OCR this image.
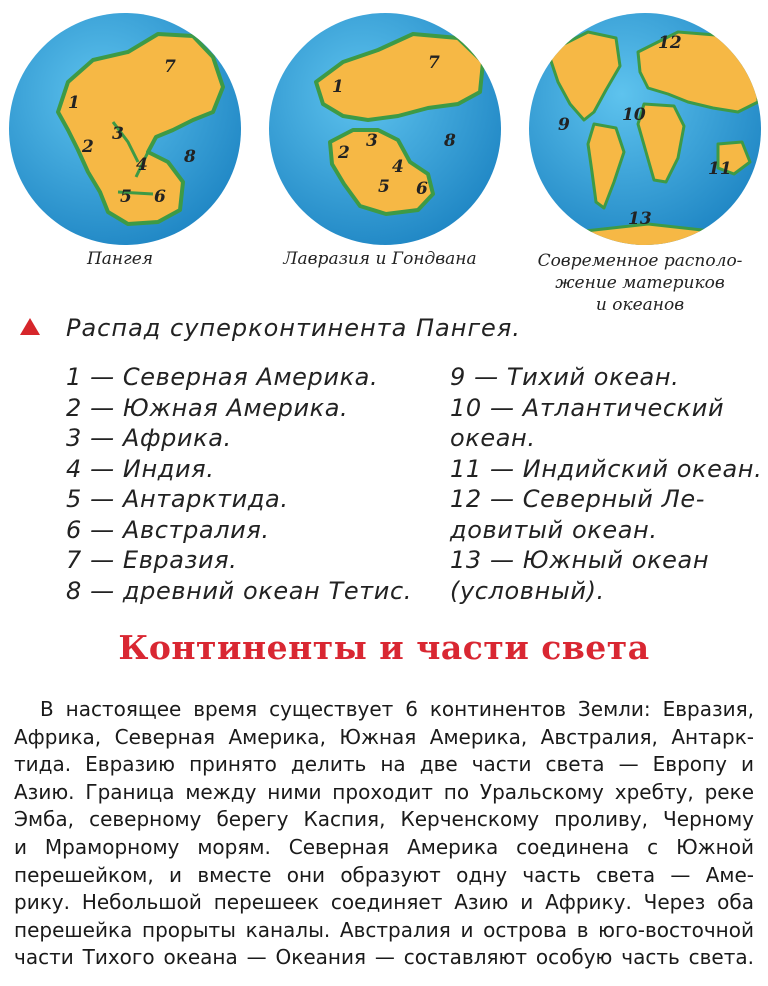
1
2
3
4
5 6
7
8
Пангея
1
2
3
4
5 6
7
8
Лавразия и Гондвана
9	10
11
12
13
Современное располо-
жение материков
и океанов
Распад суперконтинента Пангея.
1 — Северная Америка.
2 — Южная Америка.
3 — Африка.
4 — Индия.
5 — Антарктида.
6 — Австралия.
7 — Евразия.
8 — древний океан Тетис.
9 — Тихий океан.
10 — Атлантический
океан.
11 — Индийский океан.
12 — Северный Ле-
довитый океан.
13 — Южный океан
(условный).
Континенты и части света
В настоящее время существует 6 континентов Земли: Евразия,
Африка, Северная Америка, Южная Америка, Австралия, Антарк-
тида. Евразию принято делить на две части света — Европу и
Азию. Граница между ними проходит по Уральскому хребту, реке
Эмба, северному берегу Каспия, Керченскому проливу, Черному
и Мраморному морям. Северная Америка соединена с Южной
перешейком, и вместе они образуют одну часть света — Аме-
рику. Небольшой перешеек соединяет Азию и Африку. Через оба
перешейка прорыты каналы. Австралия и острова в юго-восточной
части Тихого океана — Океания — составляют особую часть света.
